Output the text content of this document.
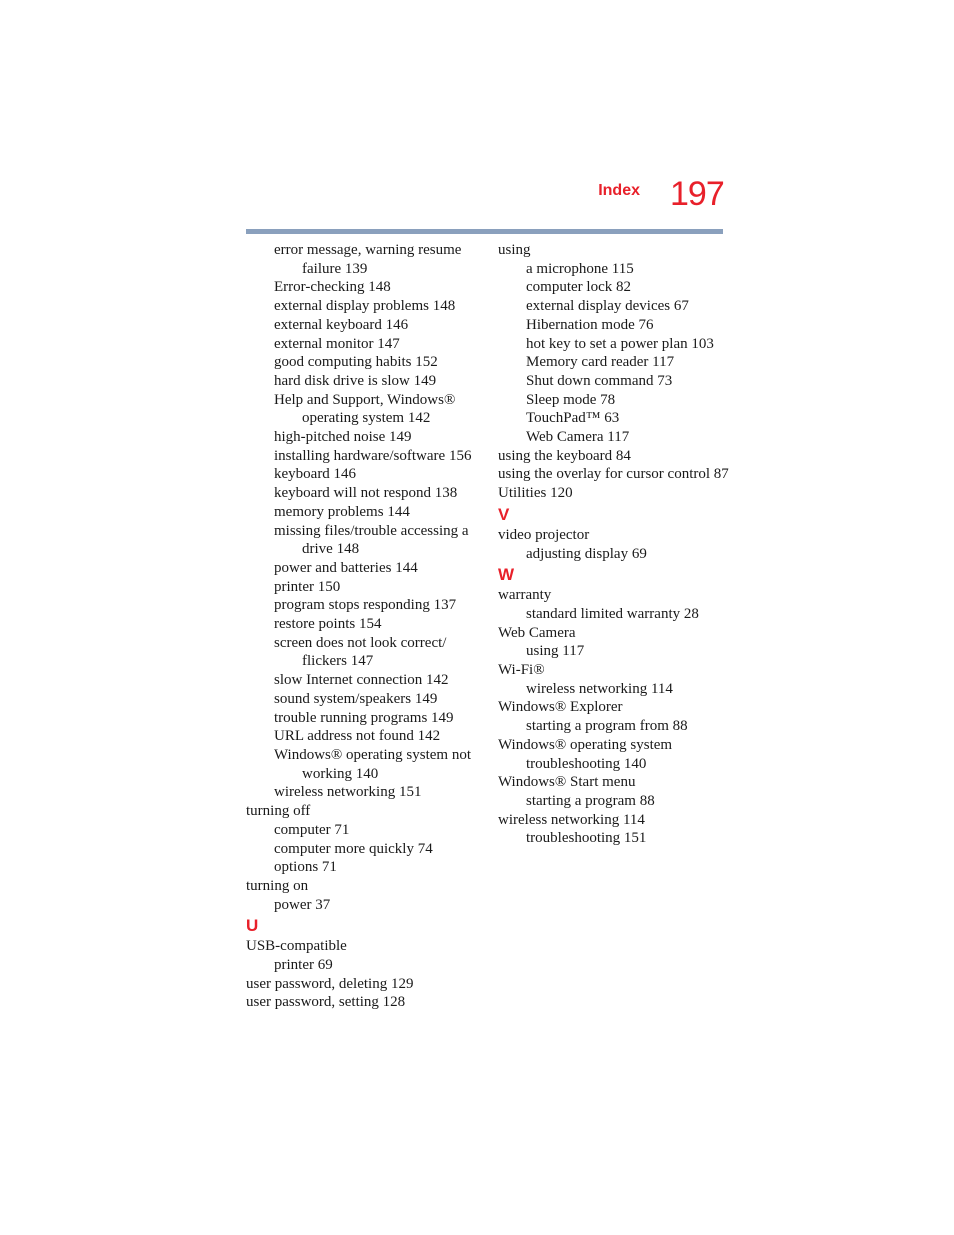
Index 197
error message, warning resume
failure 139
Error-checking 148
external display problems 148
external keyboard 146
external monitor 147
good computing habits 152
hard disk drive is slow 149
Help and Support, Windows®
operating system 142
high-pitched noise 149
installing hardware/software 156
keyboard 146
keyboard will not respond 138
memory problems 144
missing files/trouble accessing a
drive 148
power and batteries 144
printer 150
program stops responding 137
restore points 154
screen does not look correct/
flickers 147
slow Internet connection 142
sound system/speakers 149
trouble running programs 149
URL address not found 142
Windows® operating system not
working 140
wireless networking 151
turning off
computer 71
computer more quickly 74
options 71
turning on
power 37
U
USB-compatible
printer 69
user password, deleting 129
user password, setting 128
using
a microphone 115
computer lock 82
external display devices 67
Hibernation mode 76
hot key to set a power plan 103
Memory card reader 117
Shut down command 73
Sleep mode 78
TouchPad™ 63
Web Camera 117
using the keyboard 84
using the overlay for cursor control 87
Utilities 120
V
video projector
adjusting display 69
W
warranty
standard limited warranty 28
Web Camera
using 117
Wi-Fi®
wireless networking 114
Windows® Explorer
starting a program from 88
Windows® operating system
troubleshooting 140
Windows® Start menu
starting a program 88
wireless networking 114
troubleshooting 151
